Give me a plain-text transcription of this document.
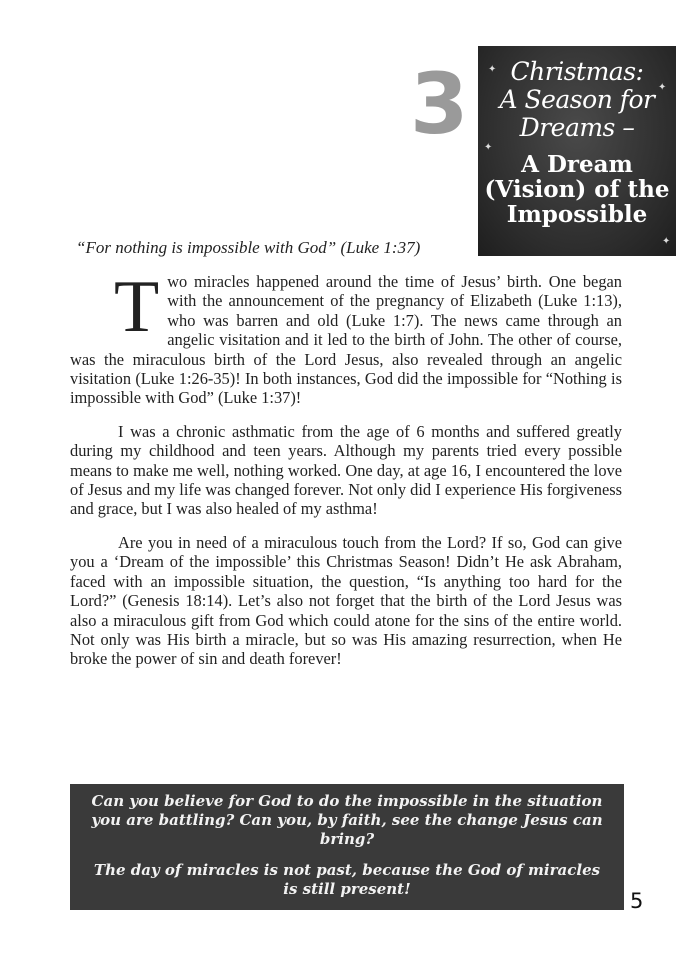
3 ✦
✦
✦
✦
Christmas:
A Season for
Dreams –
A Dream
(Vision) of the
Impossible
“For nothing is impossible with God” (Luke 1:37)

Two miracles happened around the time of Jesus’ birth. One began with the announcement of the pregnancy of Elizabeth (Luke 1:13), who was barren and old (Luke 1:7). The news came through an angelic visitation and it led to the birth of John. The other of course, was the miraculous birth of the Lord Jesus, also revealed through an angelic visitation (Luke 1:26-35)! In both instances, God did the impossible for “Nothing is impossible with God” (Luke 1:37)!

I was a chronic asthmatic from the age of 6 months and suffered greatly during my childhood and teen years. Although my parents tried every possible means to make me well, nothing worked. One day, at age 16, I encountered the love of Jesus and my life was changed forever. Not only did I experience His forgiveness and grace, but I was also healed of my asthma!

Are you in need of a miraculous touch from the Lord? If so, God can give you a ‘Dream of the impossible’ this Christmas Season! Didn’t He ask Abraham, faced with an impossible situation, the question, “Is anything too hard for the Lord?” (Genesis 18:14). Let’s also not forget that the birth of the Lord Jesus was also a miraculous gift from God which could atone for the sins of the entire world. Not only was His birth a miracle, but so was His amazing resurrection, when He broke the power of sin and death forever!

Can you believe for God to do the impossible in the situation you are battling? Can you, by faith, see the change Jesus can bring?

The day of miracles is not past, because the God of miracles is still present!	5
